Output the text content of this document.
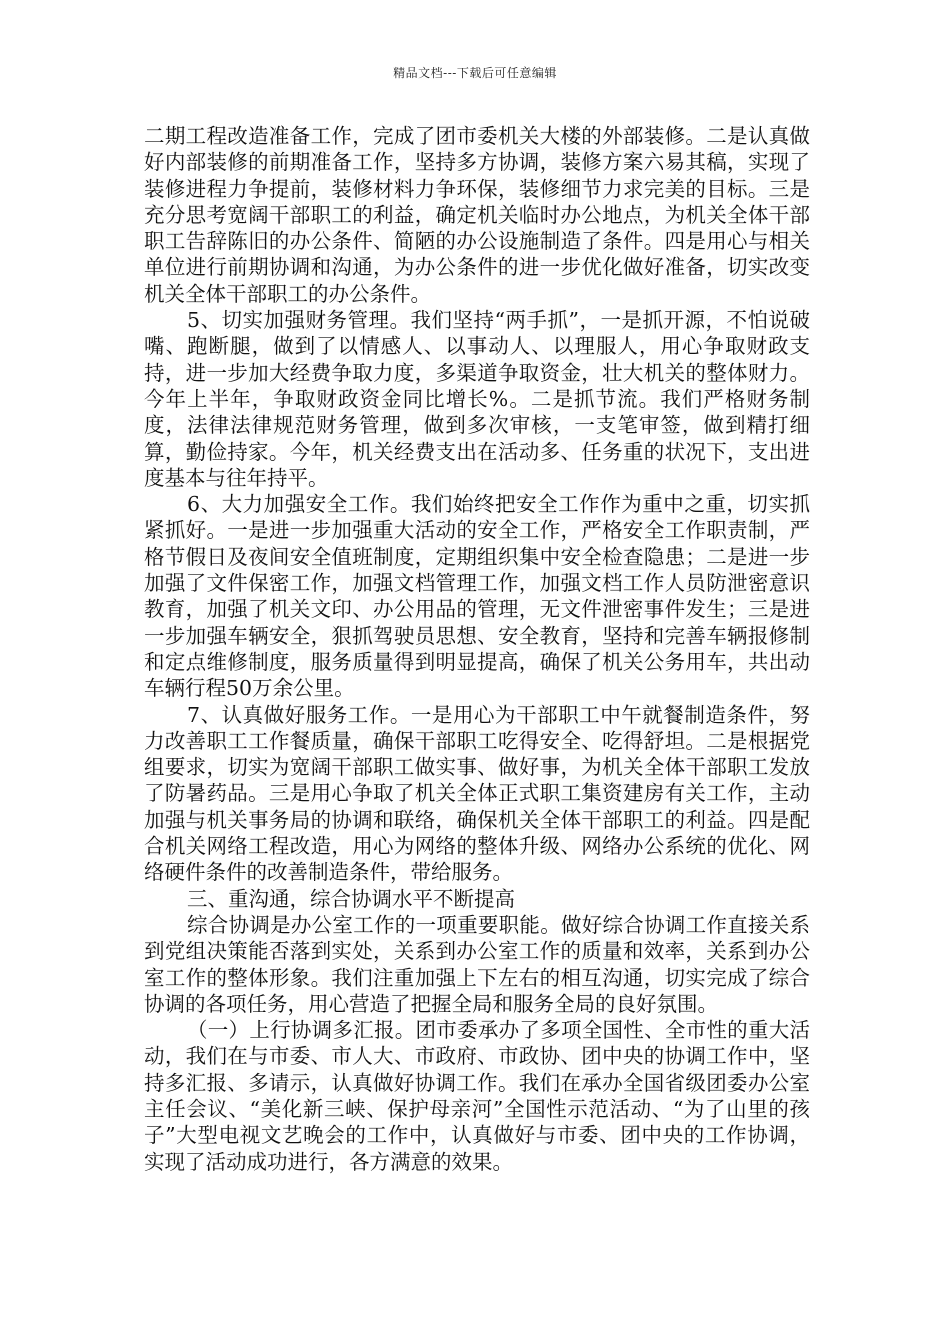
精品文档---下载后可任意编辑

二期工程改造准备工作，完成了团市委机关大楼的外部装修。二是认真做好内部装修的前期准备工作，坚持多方协调，装修方案六易其稿，实现了装修进程力争提前，装修材料力争环保，装修细节力求完美的目标。三是充分思考宽阔干部职工的利益，确定机关临时办公地点，为机关全体干部职工告辞陈旧的办公条件、简陋的办公设施制造了条件。四是用心与相关单位进行前期协调和沟通，为办公条件的进一步优化做好准备，切实改变机关全体干部职工的办公条件。

5、切实加强财务管理。我们坚持“两手抓”，一是抓开源，不怕说破嘴、跑断腿，做到了以情感人、以事动人、以理服人，用心争取财政支持，进一步加大经费争取力度，多渠道争取资金，壮大机关的整体财力。今年上半年，争取财政资金同比增长%。二是抓节流。我们严格财务制度，法律法律规范财务管理，做到多次审核，一支笔审签，做到精打细算，勤俭持家。今年，机关经费支出在活动多、任务重的状况下，支出进度基本与往年持平。

6、大力加强安全工作。我们始终把安全工作作为重中之重，切实抓紧抓好。一是进一步加强重大活动的安全工作，严格安全工作职责制，严格节假日及夜间安全值班制度，定期组织集中安全检查隐患；二是进一步加强了文件保密工作，加强文档管理工作，加强文档工作人员防泄密意识教育，加强了机关文印、办公用品的管理，无文件泄密事件发生；三是进一步加强车辆安全，狠抓驾驶员思想、安全教育，坚持和完善车辆报修制和定点维修制度，服务质量得到明显提高，确保了机关公务用车，共出动车辆行程50万余公里。

7、认真做好服务工作。一是用心为干部职工中午就餐制造条件，努力改善职工工作餐质量，确保干部职工吃得安全、吃得舒坦。二是根据党组要求，切实为宽阔干部职工做实事、做好事，为机关全体干部职工发放了防暑药品。三是用心争取了机关全体正式职工集资建房有关工作，主动加强与机关事务局的协调和联络，确保机关全体干部职工的利益。四是配合机关网络工程改造，用心为网络的整体升级、网络办公系统的优化、网络硬件条件的改善制造条件，带给服务。

三、重沟通，综合协调水平不断提高

综合协调是办公室工作的一项重要职能。做好综合协调工作直接关系到党组决策能否落到实处，关系到办公室工作的质量和效率，关系到办公室工作的整体形象。我们注重加强上下左右的相互沟通，切实完成了综合协调的各项任务，用心营造了把握全局和服务全局的良好氛围。

（一）上行协调多汇报。团市委承办了多项全国性、全市性的重大活动，我们在与市委、市人大、市政府、市政协、团中央的协调工作中，坚持多汇报、多请示，认真做好协调工作。我们在承办全国省级团委办公室主任会议、“美化新三峡、保护母亲河”全国性示范活动、“为了山里的孩子”大型电视文艺晚会的工作中，认真做好与市委、团中央的工作协调，实现了活动成功进行，各方满意的效果。
